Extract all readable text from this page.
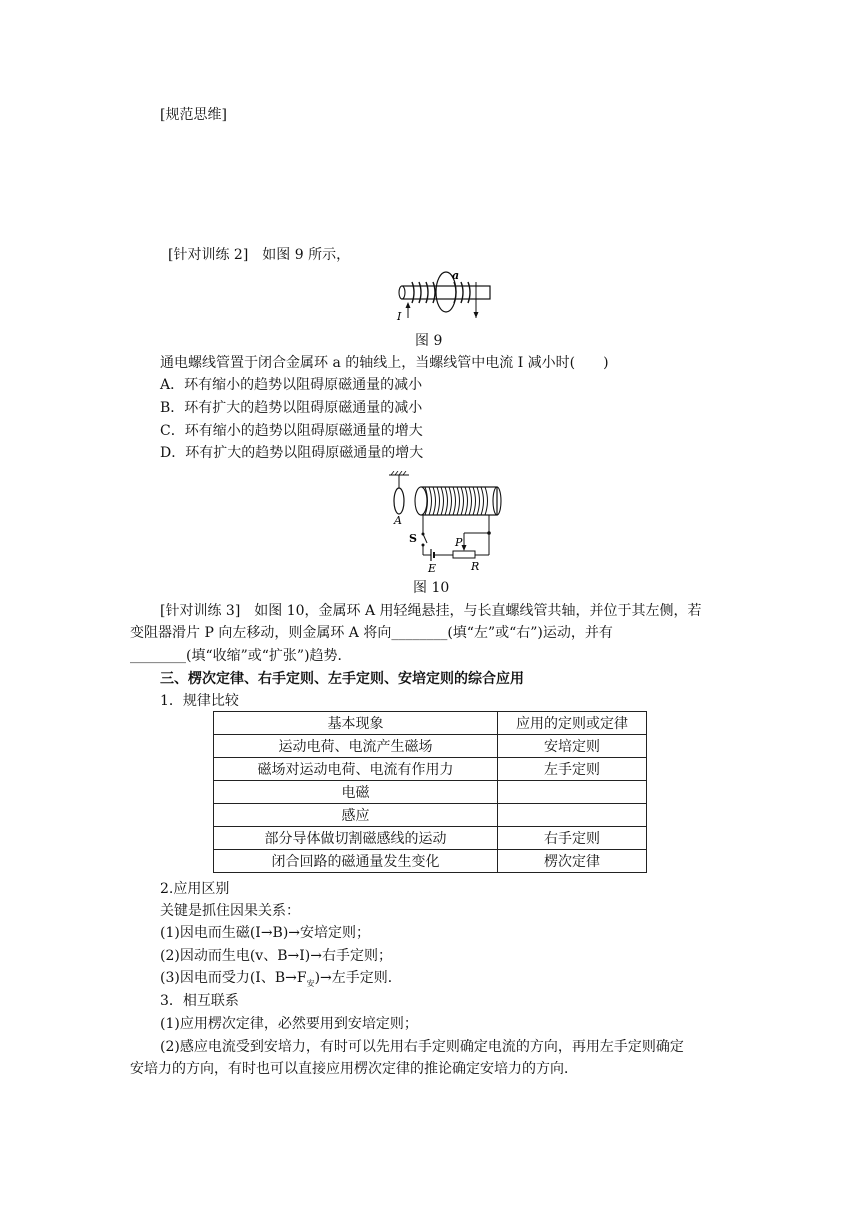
[规范思维]
[针对训练 2]　如图 9 所示，
a
I
图 9
通电螺线管置于闭合金属环 a 的轴线上，当螺线管中电流 I 减小时(　　)
A．环有缩小的趋势以阻碍原磁通量的减小
B．环有扩大的趋势以阻碍原磁通量的减小
C．环有缩小的趋势以阻碍原磁通量的增大
D．环有扩大的趋势以阻碍原磁通量的增大
A
E	R
P
S
图 10
[针对训练 3]　如图 10，金属环 A 用轻绳悬挂，与长直螺线管共轴，并位于其左侧，若
变阻器滑片 P 向左移动，则金属环 A 将向________(填“左”或“右”)运动，并有
________(填“收缩”或“扩张”)趋势．
三、楞次定律、右手定则、左手定则、安培定则的综合应用
1．规律比较
基本现象	应用的定则或定律
运动电荷、电流产生磁场	安培定则
磁场对运动电荷、电流有作用力	左手定则
电磁	
感应	
部分导体做切割磁感线的运动	右手定则
闭合回路的磁通量发生变化	楞次定律
2.应用区别
关键是抓住因果关系：
(1)因电而生磁(I→B)→安培定则；
(2)因动而生电(v、B→I)→右手定则；
(3)因电而受力(I、$B\to F_安)\to$左手定则．
3．相互联系
(1)应用楞次定律，必然要用到安培定则；
(2)感应电流受到安培力，有时可以先用右手定则确定电流的方向，再用左手定则确定
安培力的方向，有时也可以直接应用楞次定律的推论确定安培力的方向．
